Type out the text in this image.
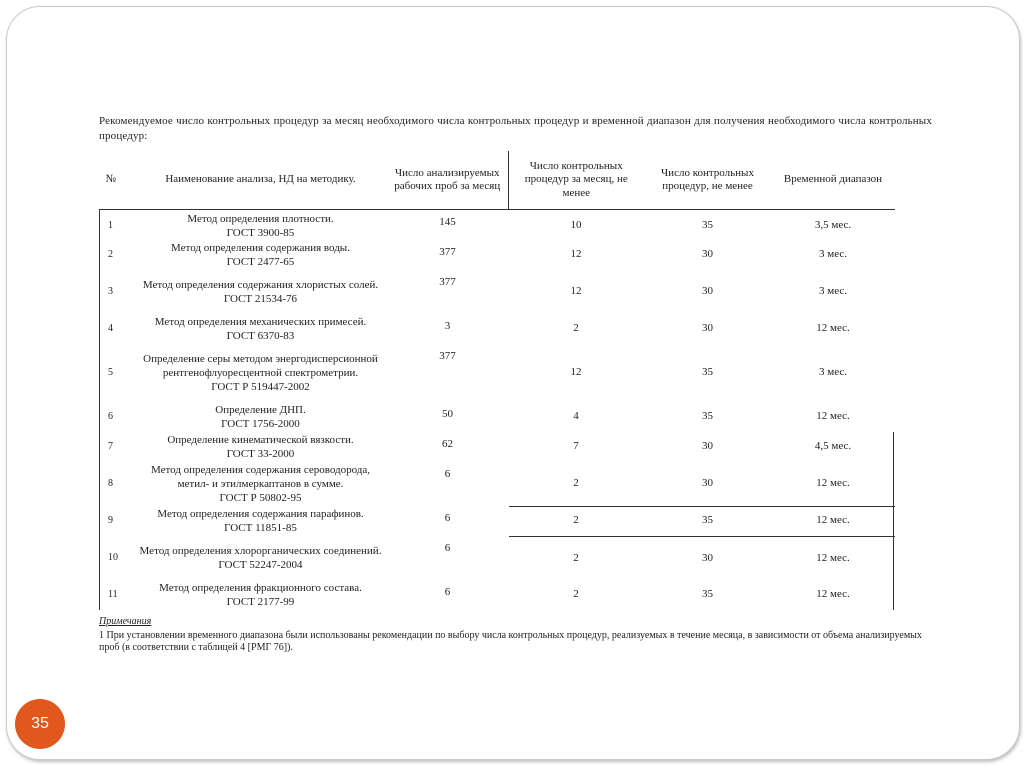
Рекомендуемое число контрольных процедур за месяц необходимого числа контрольных процедур и временной диапазон для получения необходимого числа контрольных процедур:
№	Наименование анализа, НД на методику.	Число анализируемых рабочих проб за месяц	Число контрольных процедур за месяц, не менее	Число контрольных процедур, не менее	Временной диапазон
1	Метод определения плотности.
ГОСТ 3900-85	145	10	35	3,5 мес.
2	Метод определения содержания воды.
ГОСТ 2477-65	377	12	30	3 мес.
3	Метод определения содержания хлористых солей.
ГОСТ 21534-76	377	12	30	3 мес.
4	Метод определения механических примесей.
ГОСТ 6370-83	3	2	30	12 мес.
5	Определение серы методом энергодисперсионной рентгенофлуоресцентной спектрометрии.
ГОСТ Р 519447-2002	377	12	35	3 мес.
6	Определение ДНП.
ГОСТ 1756-2000	50	4	35	12 мес.
7	Определение кинематической вязкости.
ГОСТ 33-2000	62	7	30	4,5 мес.
8	Метод определения содержания сероводорода, метил- и этилмеркаптанов в сумме.
ГОСТ Р 50802-95	6	2	30	12 мес.
9	Метод определения содержания парафинов.
ГОСТ 11851-85	6	2	35	12 мес.
10	Метод определения хлорорганических соединений.
ГОСТ 52247-2004	6	2	30	12 мес.
11	Метод определения фракционного состава.
ГОСТ 2177-99	6	2	35	12 мес.
Примечания
1 При установлении временного диапазона были использованы рекомендации по выбору числа контрольных процедур, реализуемых в течение месяца, в зависимости от объема анализируемых проб (в соответствии с таблицей 4 [РМГ 76]).
35
